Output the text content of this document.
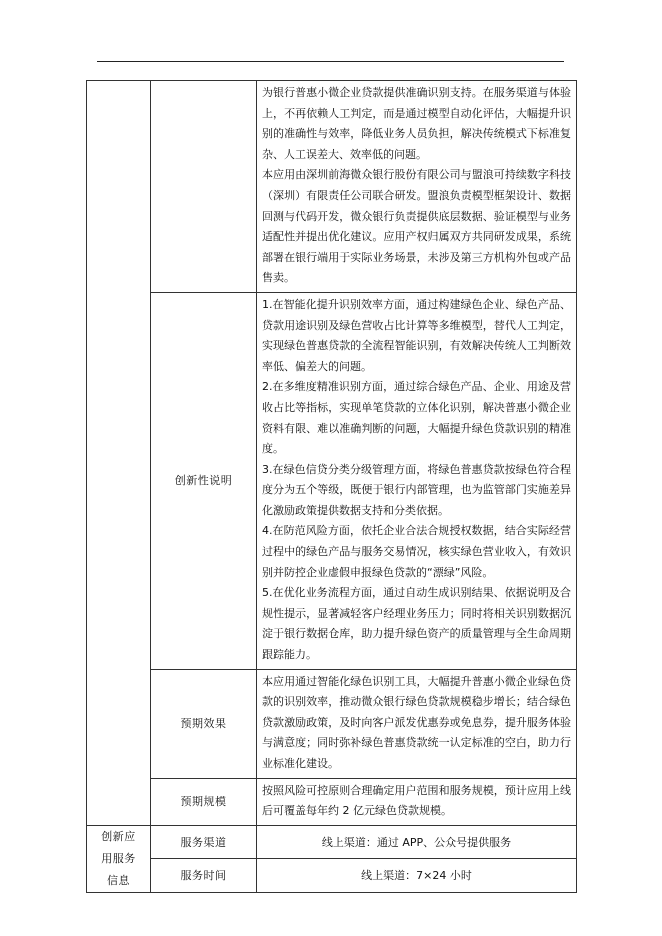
		为银行普惠小微企业贷款提供准确识别支持。在服务渠道与体验上，不再依赖人工判定，而是通过模型自动化评估，大幅提升识别的准确性与效率，降低业务人员负担，解决传统模式下标准复杂、人工误差大、效率低的问题。

本应用由深圳前海微众银行股份有限公司与盟浪可持续数字科技（深圳）有限责任公司联合研发。盟浪负责模型框架设计、数据回测与代码开发，微众银行负责提供底层数据、验证模型与业务适配性并提出优化建议。应用产权归属双方共同研发成果，系统部署在银行端用于实际业务场景，未涉及第三方机构外包或产品售卖。

	创新性说明	1.在智能化提升识别效率方面，通过构建绿色企业、绿色产品、贷款用途识别及绿色营收占比计算等多维模型，替代人工判定，实现绿色普惠贷款的全流程智能识别，有效解决传统人工判断效率低、偏差大的问题。

2.在多维度精准识别方面，通过综合绿色产品、企业、用途及营收占比等指标，实现单笔贷款的立体化识别，解决普惠小微企业资料有限、难以准确判断的问题，大幅提升绿色贷款识别的精准度。

3.在绿色信贷分类分级管理方面，将绿色普惠贷款按绿色符合程度分为五个等级，既便于银行内部管理，也为监管部门实施差异化激励政策提供数据支持和分类依据。

4.在防范风险方面，依托企业合法合规授权数据，结合实际经营过程中的绿色产品与服务交易情况，核实绿色营业收入，有效识别并防控企业虚假申报绿色贷款的“漂绿”风险。

5.在优化业务流程方面，通过自动生成识别结果、依据说明及合规性提示，显著减轻客户经理业务压力；同时将相关识别数据沉淀于银行数据仓库，助力提升绿色资产的质量管理与全生命周期跟踪能力。

	预期效果	本应用通过智能化绿色识别工具，大幅提升普惠小微企业绿色贷款的识别效率，推动微众银行绿色贷款规模稳步增长；结合绿色贷款激励政策，及时向客户派发优惠券或免息券，提升服务体验与满意度；同时弥补绿色普惠贷款统一认定标准的空白，助力行业标准化建设。

	预期规模	按照风险可控原则合理确定用户范围和服务规模，预计应用上线后可覆盖每年约 2 亿元绿色贷款规模。

创新应用服务信息	服务渠道	线上渠道：通过 APP、公众号提供服务
	服务时间	线上渠道：7×24 小时
